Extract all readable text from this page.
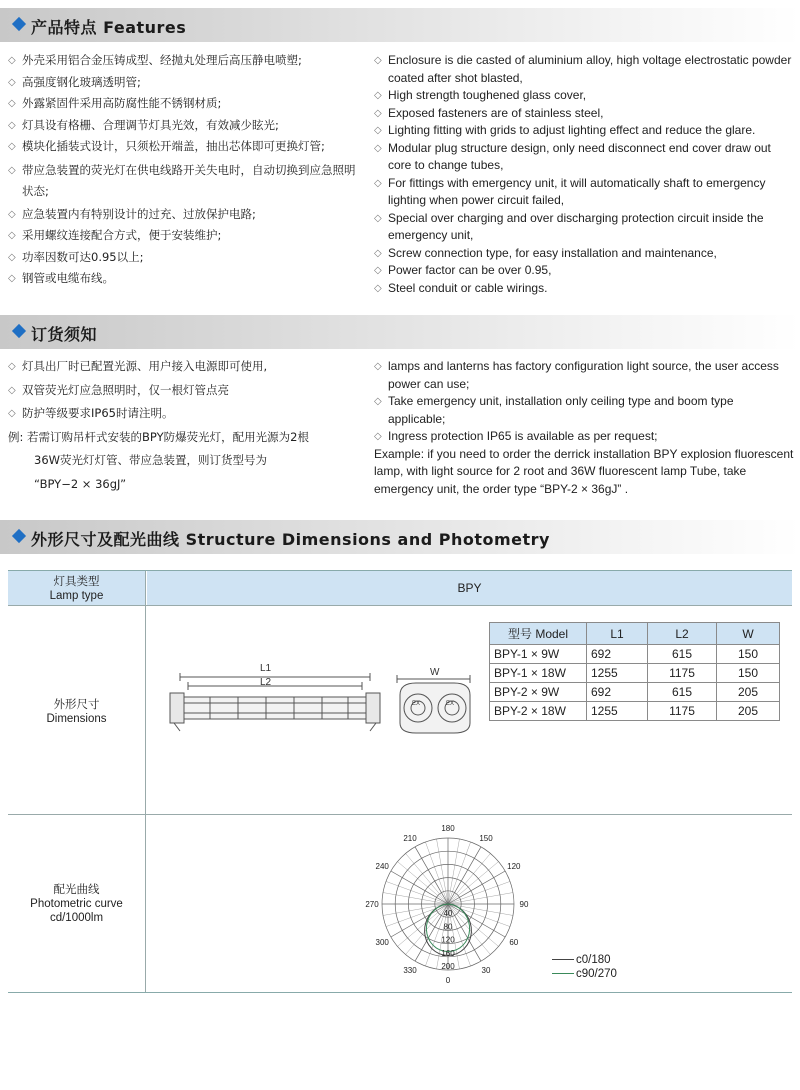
产品特点 Features
◇ 外壳采用铝合金压铸成型、经抛丸处理后高压静电喷塑;
◇ 高强度钢化玻璃透明管;
◇ 外露紧固件采用高防腐性能不锈钢材质;
◇ 灯具设有格栅、合理调节灯具光效，有效减少眩光;
◇ 模块化插装式设计，只须松开端盖，抽出芯体即可更换灯管;
◇ 带应急装置的荧光灯在供电线路开关失电时，自动切换到应急照明状态;
◇ 应急装置内有特别设计的过充、过放保护电路;
◇ 采用螺纹连接配合方式，便于安装维护;
◇ 功率因数可达0.95以上;
◇ 钢管或电缆布线。
◇ Enclosure is die casted of aluminium alloy, high voltage electrostatic powder coated after shot blasted,
◇ High strength toughened glass cover,
◇ Exposed fasteners are of stainless steel,
◇ Lighting fitting with grids to adjust lighting effect and reduce the glare.
◇ Modular plug structure design, only need disconnect end cover draw out core to change tubes,
◇ For fittings with emergency unit, it will automatically shaft to emergency lighting when power circuit failed,
◇ Special over charging and over discharging protection circuit inside the emergency unit,
◇ Screw connection type, for easy installation and maintenance,
◇ Power factor can be over 0.95,
◇ Steel conduit or cable wirings.
订货须知
◇ 灯具出厂时已配置光源、用户接入电源即可使用,
◇ 双管荧光灯应急照明时，仅一根灯管点亮
◇ 防护等级要求IP65时请注明。
例: 若需订购吊杆式安装的BPY防爆荧光灯，配用光源为2根
36W荧光灯灯管、带应急装置，则订货型号为
“BPY−2 × 36gJ”
◇ lamps and lanterns has factory configuration light source, the user access power can use;
◇ Take emergency unit, installation only ceiling type and boom type applicable;
◇ Ingress protection IP65 is available as per request;
Example: if you need to order the derrick installation BPY explosion fluorescent lamp, with light source for 2 root and 36W fluorescent lamp Tube, take emergency unit, the order type “BPY-2 × 36gJ” .
外形尺寸及配光曲线 Structure Dimensions and Photometry
灯具类型
Lamp type
BPY
外形尺寸
Dimensions
配光曲线
Photometric curve
cd/1000lm
L1
L2
W
EX	EX
型号 Model	L1	L2	W
BPY-1 × 9W	692	615	150
BPY-1 × 18W	1255	1175	150
BPY-2 × 9W	692	615	205
BPY-2 × 18W	1255	1175	205
180
150
120
90
60
30
0
330
300
270
240
210
40
80
120
160
200
c0/180
c90/270
